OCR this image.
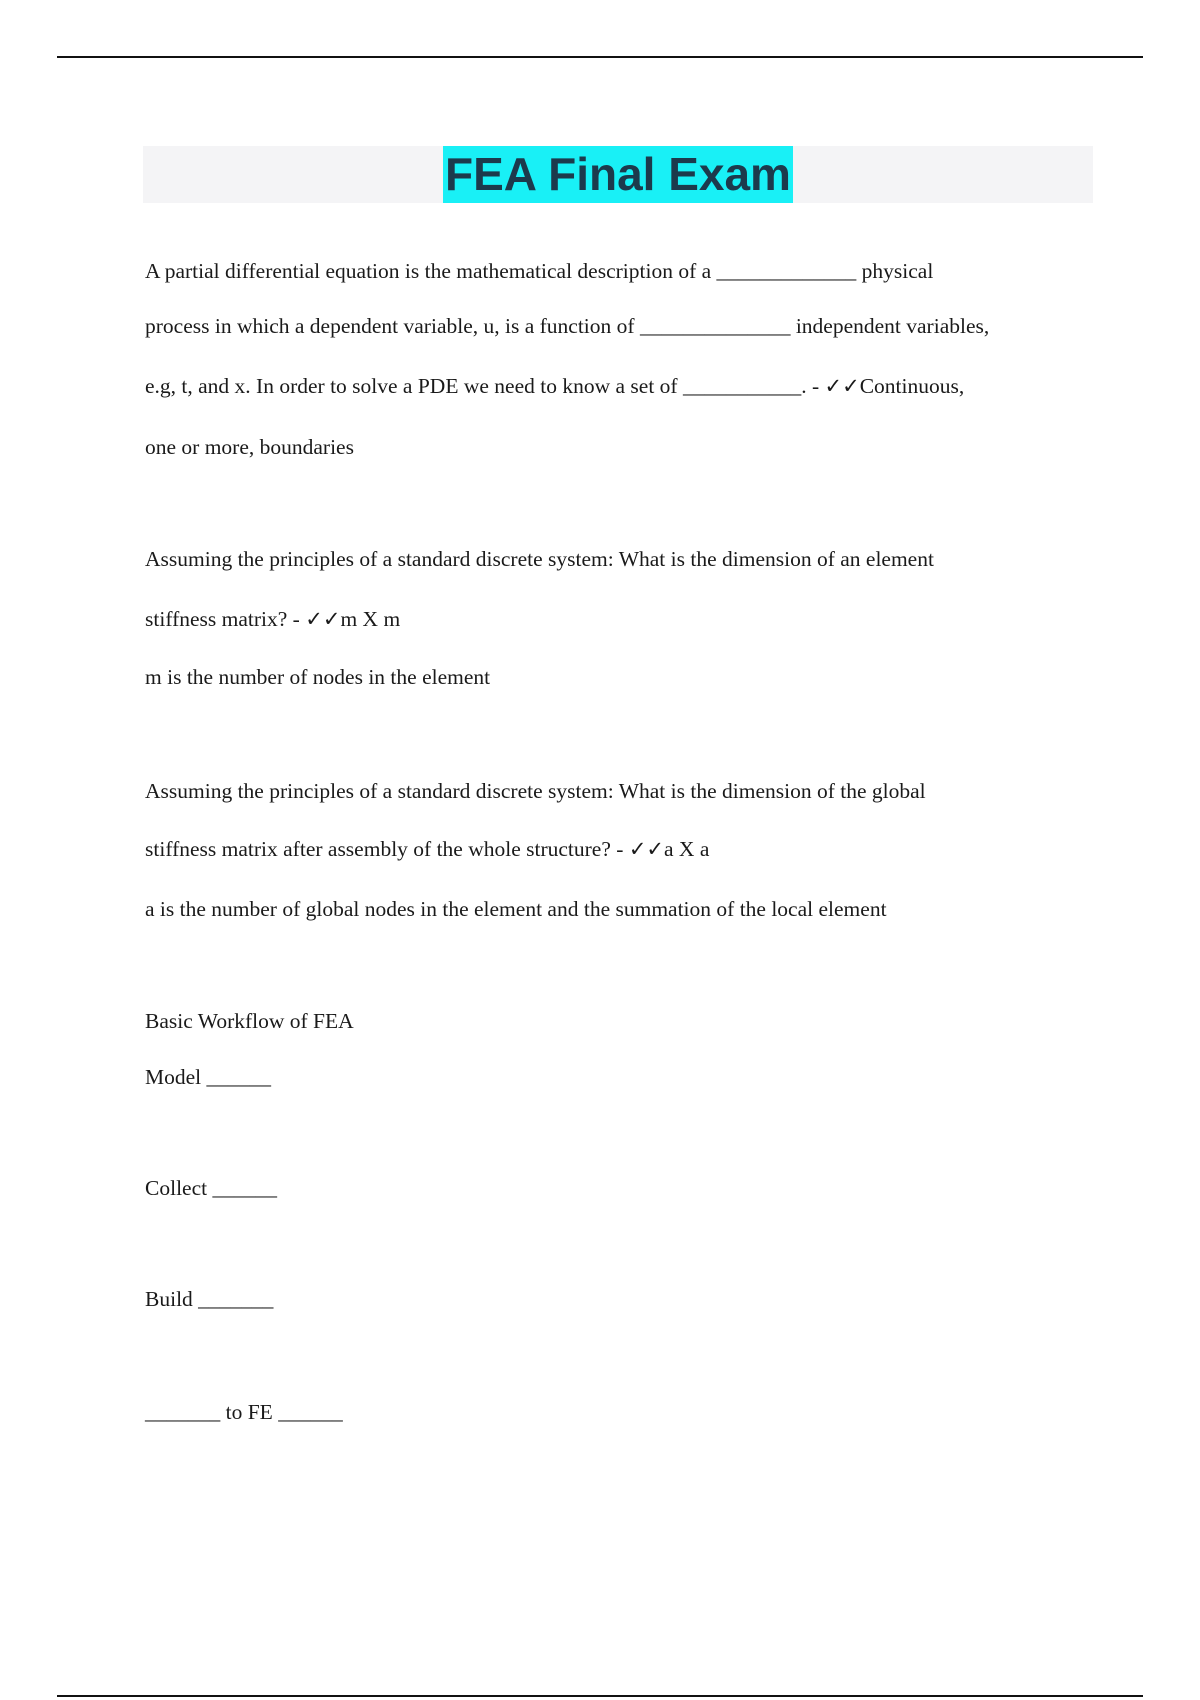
FEA Final Exam
A partial differential equation is the mathematical description of a _____________ physical
process in which a dependent variable, u, is a function of ______________ independent variables,
e.g, t, and x. In order to solve a PDE we need to know a set of ___________. - ✓✓Continuous,
one or more, boundaries
Assuming the principles of a standard discrete system: What is the dimension of an element
stiffness matrix? - ✓✓m X m
m is the number of nodes in the element
Assuming the principles of a standard discrete system: What is the dimension of the global
stiffness matrix after assembly of the whole structure? - ✓✓a X a
a is the number of global nodes in the element and the summation of the local element
Basic Workflow of FEA
Model ______
Collect ______
Build _______
_______ to FE ______
